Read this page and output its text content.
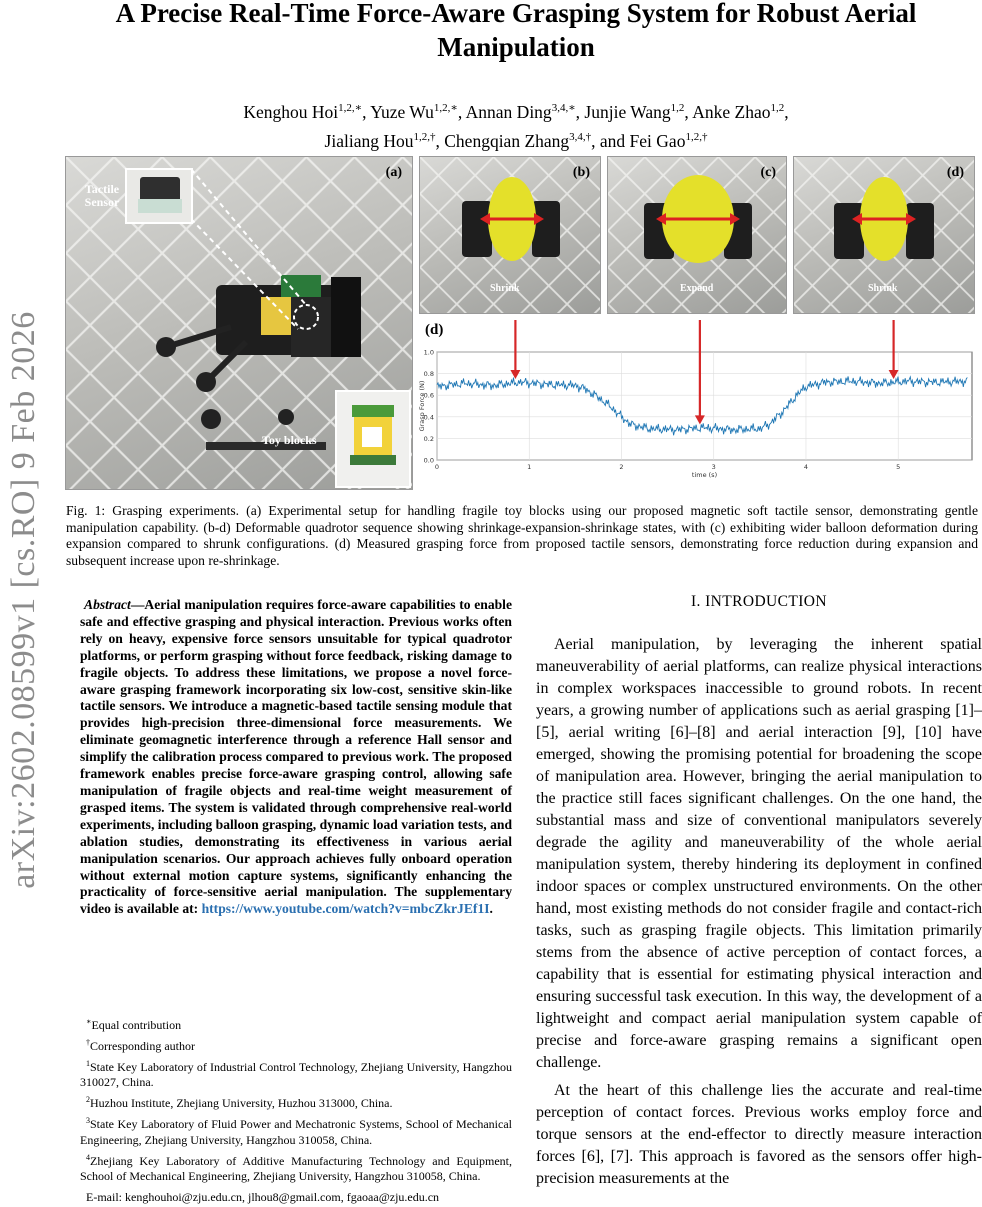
arXiv:2602.08599v1 [cs.RO] 9 Feb 2026
A Precise Real-Time Force-Aware Grasping System for Robust Aerial Manipulation
Kenghou Hoi$^{1,2,∗}$, Yuze $Wu^{1,2,∗}$, Annan Ding$^{3,4,∗}$, Junjie Wang$^{1,2}$, Anke Zhao$^{1,2}$,
Jialiang Hou$^{1,2,\dagger}$, Chengqian Zhang$^{3,4,\dagger}$, and Fei Gao$^{1,2,\dagger}$
(a)
Tactile Sensor
Toy blocks
(b)
Shrink
(c)
Expand
(d)
Shrink
(d)
0.0
0.2
0.4
0.6
0.8
1.0
0	1	2	3	4	5
time (s)
Grasp Force (N)
Fig. 1: Grasping experiments. (a) Experimental setup for handling fragile toy blocks using our proposed magnetic soft tactile sensor, demonstrating gentle manipulation capability. (b-d) Deformable quadrotor sequence showing shrinkage-expansion-shrinkage states, with (c) exhibiting wider balloon deformation during expansion compared to shrunk configurations. (d) Measured grasping force from proposed tactile sensors, demonstrating force reduction during expansion and subsequent increase upon re-shrinkage.
Abstract—Aerial manipulation requires force-aware capabilities to enable safe and effective grasping and physical interaction. Previous works often rely on heavy, expensive force sensors unsuitable for typical quadrotor platforms, or perform grasping without force feedback, risking damage to fragile objects. To address these limitations, we propose a novel force-aware grasping framework incorporating six low-cost, sensitive skin-like tactile sensors. We introduce a magnetic-based tactile sensing module that provides high-precision three-dimensional force measurements. We eliminate geomagnetic interference through a reference Hall sensor and simplify the calibration process compared to previous work. The proposed framework enables precise force-aware grasping control, allowing safe manipulation of fragile objects and real-time weight measurement of grasped items. The system is validated through comprehensive real-world experiments, including balloon grasping, dynamic load variation tests, and ablation studies, demonstrating its effectiveness in various aerial manipulation scenarios. Our approach achieves fully onboard operation without external motion capture systems, significantly enhancing the practicality of force-sensitive aerial manipulation. The supplementary video is available at: https://www.youtube.com/watch?v=mbcZkrJEf1I.

∗Equal contribution

†Corresponding author

$^1$State Key Laboratory of Industrial Control Technology, Zhejiang University, Hangzhou 310027, China.

$^2$Huzhou Institute, Zhejiang University, Huzhou 313000, China.

$^3$State Key Laboratory of Fluid Power and Mechatronic Systems, School of Mechanical Engineering, Zhejiang University, Hangzhou 310058, China.

$^4$Zhejiang Key Laboratory of Additive Manufacturing Technology and Equipment, School of Mechanical Engineering, Zhejiang University, Hangzhou 310058, China.

E-mail: kenghouhoi@zju.edu.cn, jlhou8@gmail.com, fgaoaa@zju.edu.cn

I. INTRODUCTION

Aerial manipulation, by leveraging the inherent spatial maneuverability of aerial platforms, can realize physical interactions in complex workspaces inaccessible to ground robots. In recent years, a growing number of applications such as aerial grasping [1]–[5], aerial writing [6]–[8] and aerial interaction [9], [10] have emerged, showing the promising potential for broadening the scope of manipulation area. However, bringing the aerial manipulation to the practice still faces significant challenges. On the one hand, the substantial mass and size of conventional manipulators severely degrade the agility and maneuverability of the whole aerial manipulation system, thereby hindering its deployment in confined indoor spaces or complex unstructured environments. On the other hand, most existing methods do not consider fragile and contact-rich tasks, such as grasping fragile objects. This limitation primarily stems from the absence of active perception of contact forces, a capability that is essential for estimating physical interaction and ensuring successful task execution. In this way, the development of a lightweight and compact aerial manipulation system capable of precise and force-aware grasping remains a significant open challenge.

At the heart of this challenge lies the accurate and real-time perception of contact forces. Previous works employ force and torque sensors at the end-effector to directly measure interaction forces [6], [7]. This approach is favored as the sensors offer high-precision measurements at the
